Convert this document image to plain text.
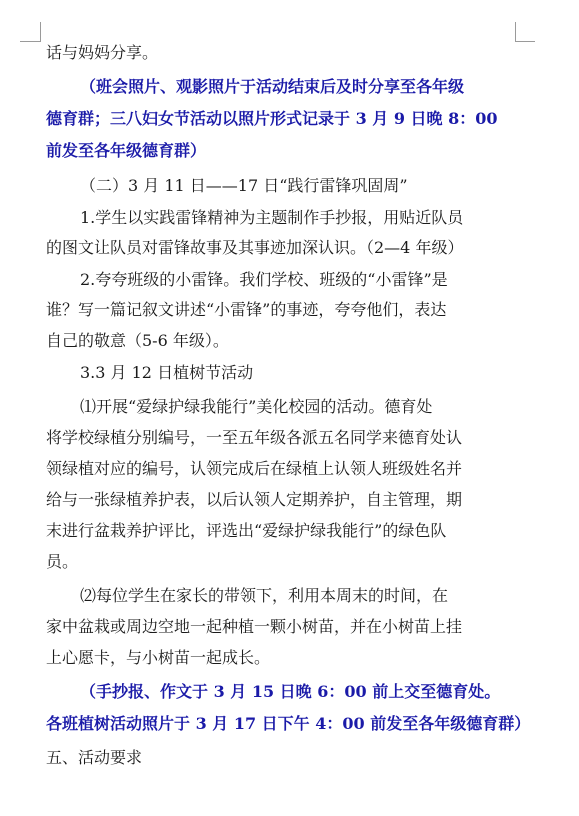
话与妈妈分享。
（班会照片、观影照片于活动结束后及时分享至各年级
德育群；三八妇女节活动以照片形式记录于 3 月 9 日晚 8：00
前发至各年级德育群）
（二）3 月 11 日——17 日“践行雷锋巩固周”
1.学生以实践雷锋精神为主题制作手抄报，用贴近队员
的图文让队员对雷锋故事及其事迹加深认识。（2—4 年级）
2.夸夸班级的小雷锋。我们学校、班级的“小雷锋”是
谁？写一篇记叙文讲述“小雷锋”的事迹，夸夸他们，表达
自己的敬意（5-6 年级）。
3.3 月 12 日植树节活动
⑴开展“爱绿护绿我能行”美化校园的活动。德育处
将学校绿植分别编号，一至五年级各派五名同学来德育处认
领绿植对应的编号，认领完成后在绿植上认领人班级姓名并
给与一张绿植养护表，以后认领人定期养护，自主管理，期
末进行盆栽养护评比，评选出“爱绿护绿我能行”的绿色队
员。
⑵每位学生在家长的带领下，利用本周末的时间，在
家中盆栽或周边空地一起种植一颗小树苗，并在小树苗上挂
上心愿卡，与小树苗一起成长。
（手抄报、作文于 3 月 15 日晚 6：00 前上交至德育处。
各班植树活动照片于 3 月 17 日下午 4：00 前发至各年级德育群）
五、活动要求
